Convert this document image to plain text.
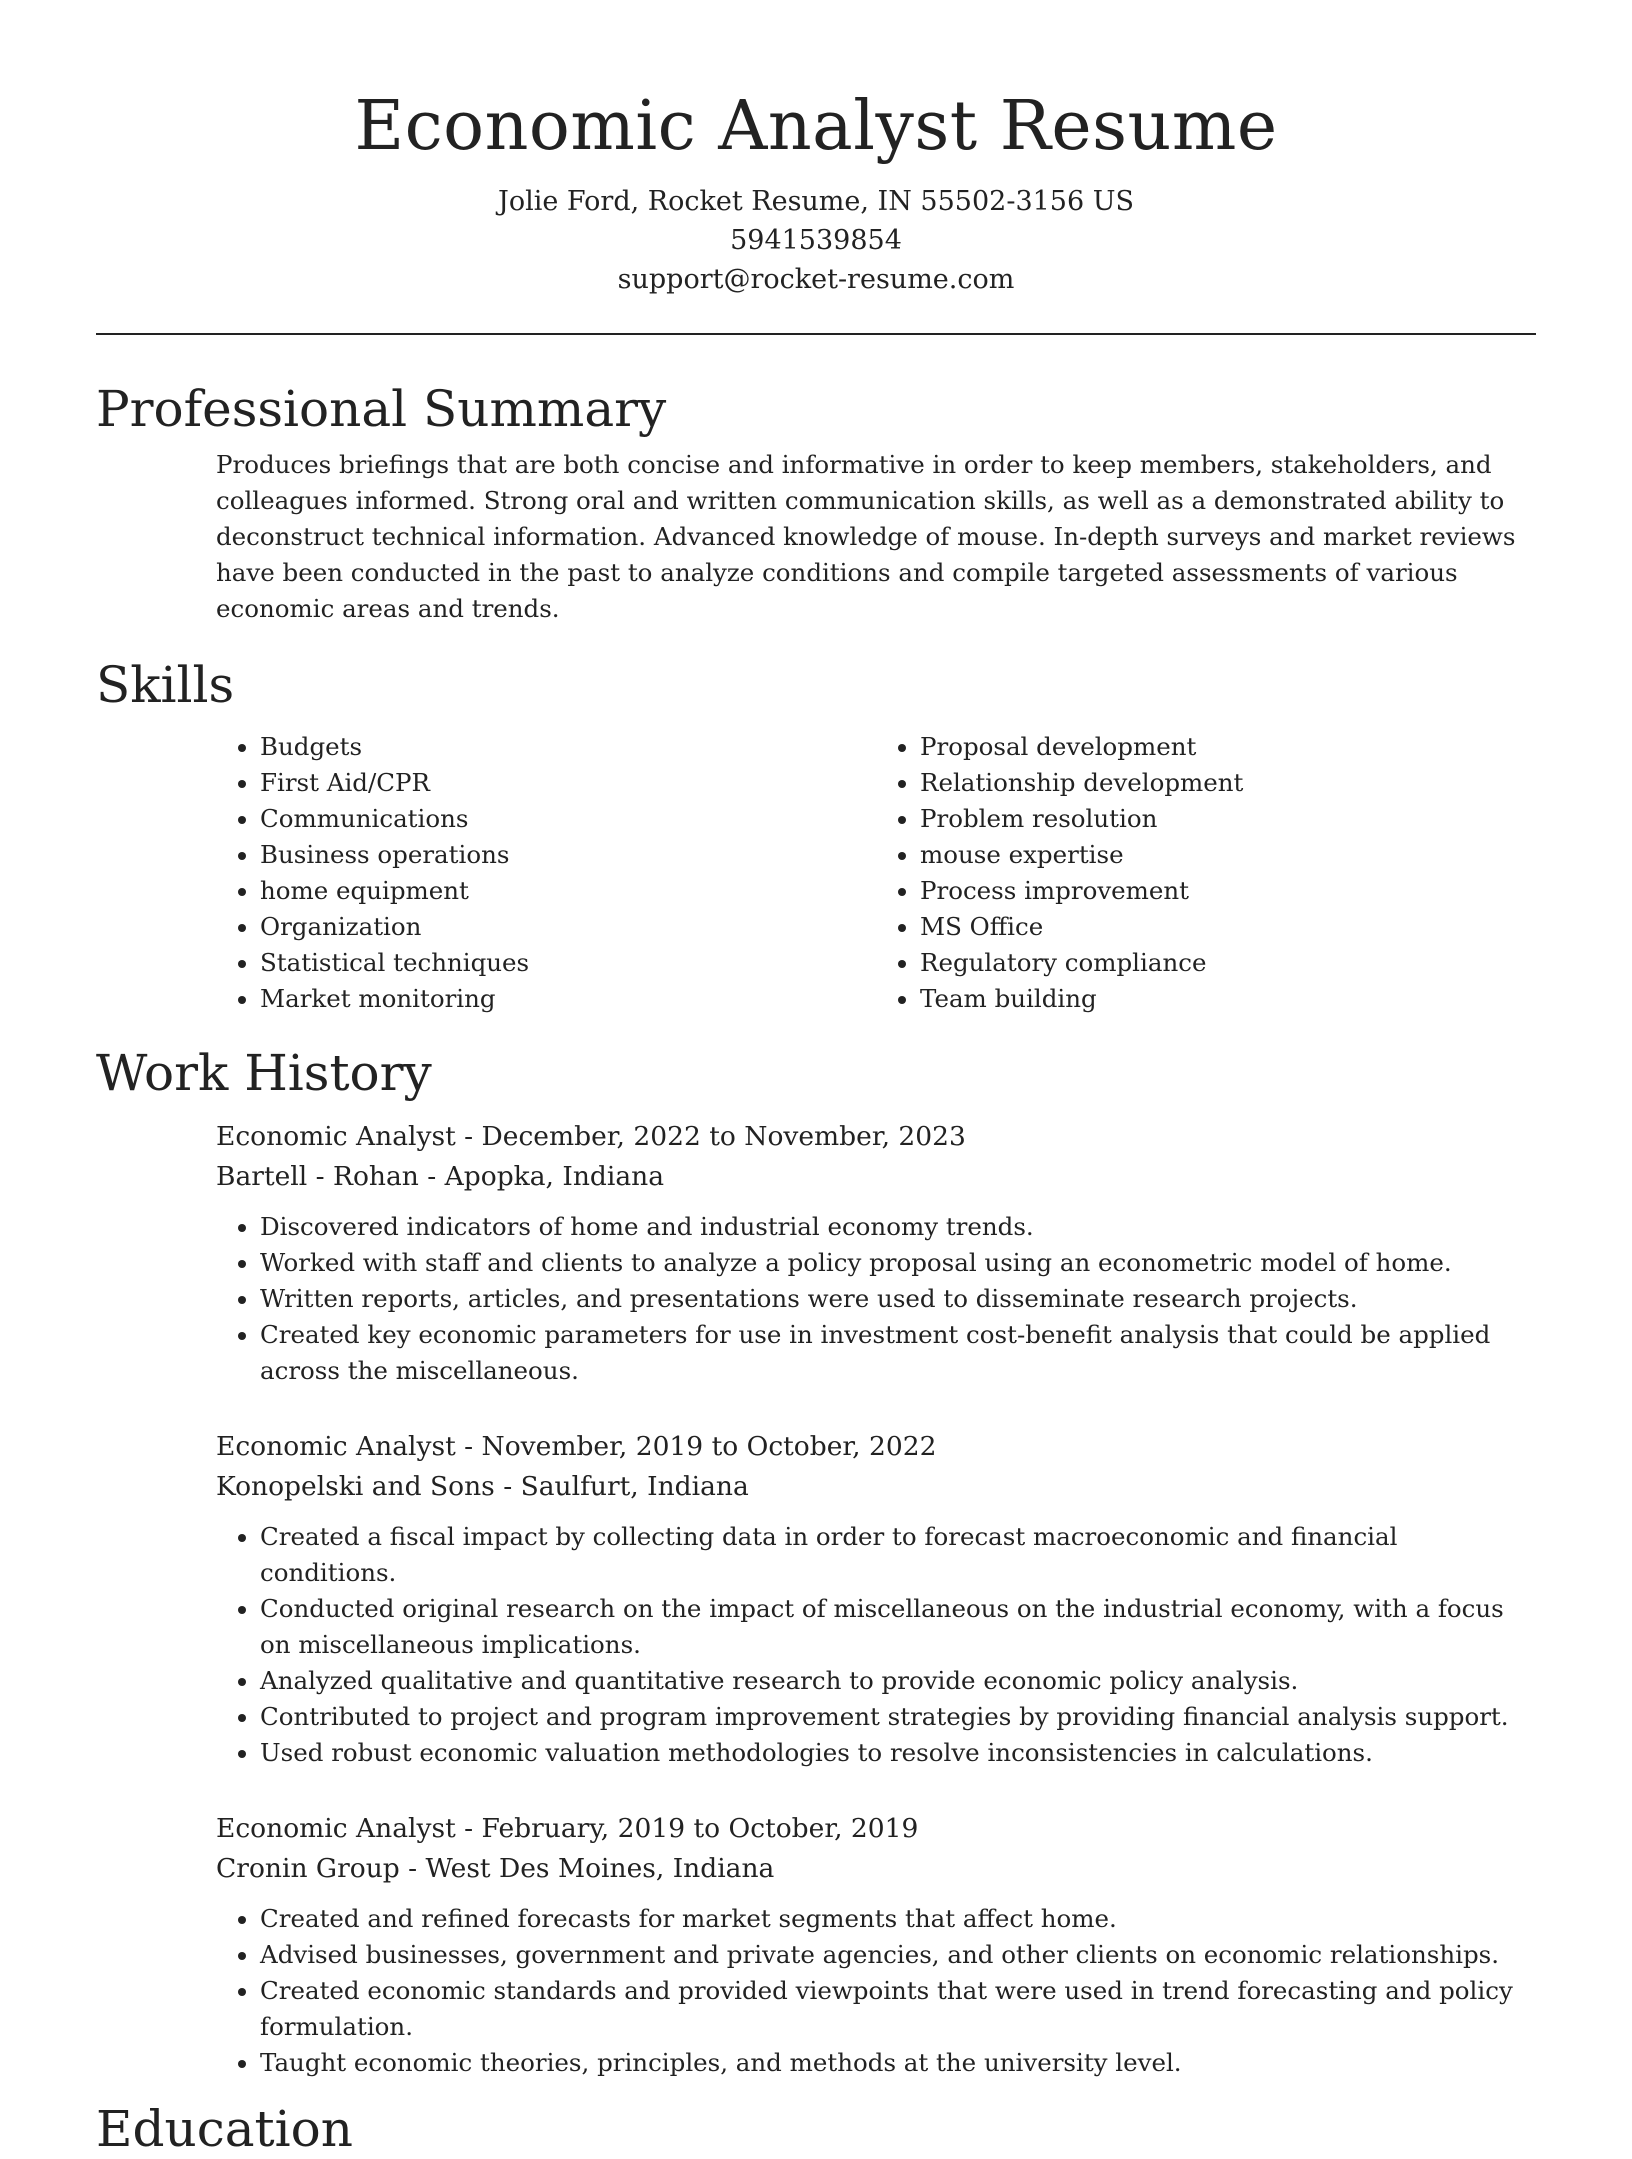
Economic Analyst Resume
Jolie Ford, Rocket Resume, IN 55502-3156 US
5941539854
support@rocket-resume.com
Professional Summary
Produces briefings that are both concise and informative in order to keep members, stakeholders, and colleagues informed. Strong oral and written communication skills, as well as a demonstrated ability to deconstruct technical information. Advanced knowledge of mouse. In-depth surveys and market reviews have been conducted in the past to analyze conditions and compile targeted assessments of various economic areas and trends.
Skills
• Budgets
• First Aid/CPR
• Communications
• Business operations
• home equipment
• Organization
• Statistical techniques
• Market monitoring
• Proposal development
• Relationship development
• Problem resolution
• mouse expertise
• Process improvement
• MS Office
• Regulatory compliance
• Team building
Work History
Economic Analyst - December, 2022 to November, 2023
Bartell - Rohan - Apopka, Indiana
• Discovered indicators of home and industrial economy trends.
• Worked with staff and clients to analyze a policy proposal using an econometric model of home.
• Written reports, articles, and presentations were used to disseminate research projects.
• Created key economic parameters for use in investment cost-benefit analysis that could be applied across the miscellaneous.
Economic Analyst - November, 2019 to October, 2022
Konopelski and Sons - Saulfurt, Indiana
• Created a fiscal impact by collecting data in order to forecast macroeconomic and financial conditions.
• Conducted original research on the impact of miscellaneous on the industrial economy, with a focus on miscellaneous implications.
• Analyzed qualitative and quantitative research to provide economic policy analysis.
• Contributed to project and program improvement strategies by providing financial analysis support.
• Used robust economic valuation methodologies to resolve inconsistencies in calculations.
Economic Analyst - February, 2019 to October, 2019
Cronin Group - West Des Moines, Indiana
• Created and refined forecasts for market segments that affect home.
• Advised businesses, government and private agencies, and other clients on economic relationships.
• Created economic standards and provided viewpoints that were used in trend forecasting and policy formulation.
• Taught economic theories, principles, and methods at the university level.
Education
